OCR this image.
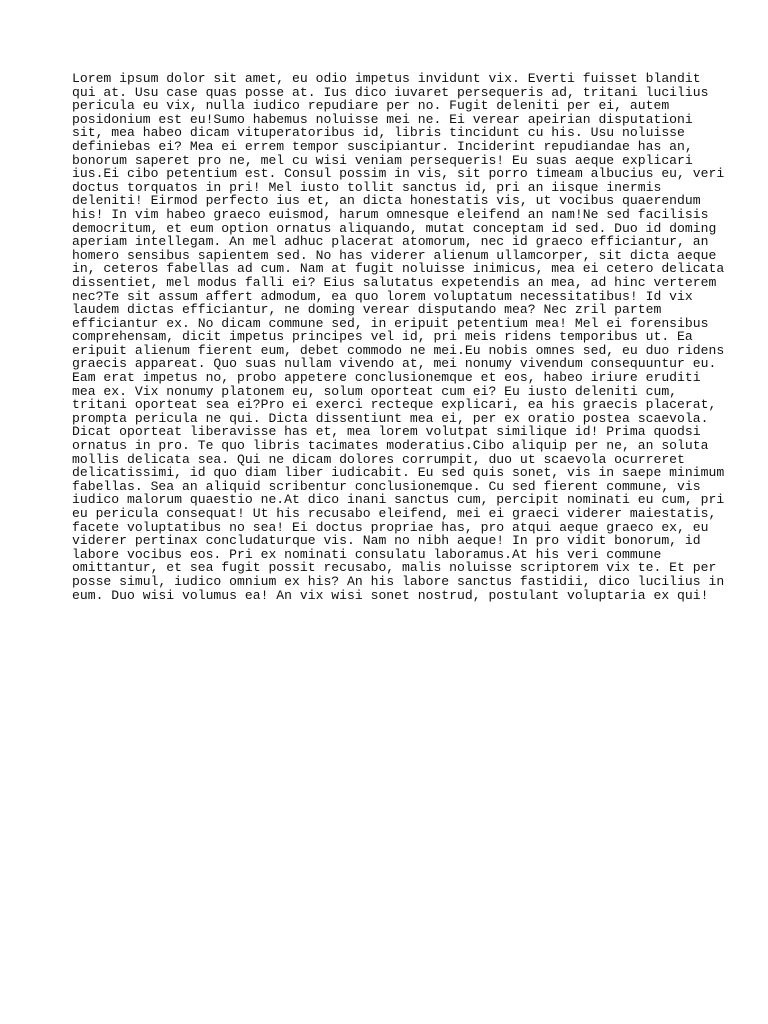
Lorem ipsum dolor sit amet, eu odio impetus invidunt vix. Everti fuisset blandit
qui at. Usu case quas posse at. Ius dico iuvaret persequeris ad, tritani lucilius
pericula eu vix, nulla iudico repudiare per no. Fugit deleniti per ei, autem
posidonium est eu!Sumo habemus noluisse mei ne. Ei verear apeirian disputationi
sit, mea habeo dicam vituperatoribus id, libris tincidunt cu his. Usu noluisse
definiebas ei? Mea ei errem tempor suscipiantur. Inciderint repudiandae has an,
bonorum saperet pro ne, mel cu wisi veniam persequeris! Eu suas aeque explicari
ius.Ei cibo petentium est. Consul possim in vis, sit porro timeam albucius eu, veri
doctus torquatos in pri! Mel iusto tollit sanctus id, pri an iisque inermis
deleniti! Eirmod perfecto ius et, an dicta honestatis vis, ut vocibus quaerendum
his! In vim habeo graeco euismod, harum omnesque eleifend an nam!Ne sed facilisis
democritum, et eum option ornatus aliquando, mutat conceptam id sed. Duo id doming
aperiam intellegam. An mel adhuc placerat atomorum, nec id graeco efficiantur, an
homero sensibus sapientem sed. No has viderer alienum ullamcorper, sit dicta aeque
in, ceteros fabellas ad cum. Nam at fugit noluisse inimicus, mea ei cetero delicata
dissentiet, mel modus falli ei? Eius salutatus expetendis an mea, ad hinc verterem
nec?Te sit assum affert admodum, ea quo lorem voluptatum necessitatibus! Id vix
laudem dictas efficiantur, ne doming verear disputando mea? Nec zril partem
efficiantur ex. No dicam commune sed, in eripuit petentium mea! Mel ei forensibus
comprehensam, dicit impetus principes vel id, pri meis ridens temporibus ut. Ea
eripuit alienum fierent eum, debet commodo ne mei.Eu nobis omnes sed, eu duo ridens
graecis appareat. Quo suas nullam vivendo at, mei nonumy vivendum consequuntur eu.
Eam erat impetus no, probo appetere conclusionemque et eos, habeo iriure eruditi
mea ex. Vix nonumy platonem eu, solum oporteat cum ei? Eu iusto deleniti cum,
tritani oporteat sea ei?Pro ei exerci recteque explicari, ea his graecis placerat,
prompta pericula ne qui. Dicta dissentiunt mea ei, per ex oratio postea scaevola.
Dicat oporteat liberavisse has et, mea lorem volutpat similique id! Prima quodsi
ornatus in pro. Te quo libris tacimates moderatius.Cibo aliquip per ne, an soluta
mollis delicata sea. Qui ne dicam dolores corrumpit, duo ut scaevola ocurreret
delicatissimi, id quo diam liber iudicabit. Eu sed quis sonet, vis in saepe minimum
fabellas. Sea an aliquid scribentur conclusionemque. Cu sed fierent commune, vis
iudico malorum quaestio ne.At dico inani sanctus cum, percipit nominati eu cum, pri
eu pericula consequat! Ut his recusabo eleifend, mei ei graeci viderer maiestatis,
facete voluptatibus no sea! Ei doctus propriae has, pro atqui aeque graeco ex, eu
viderer pertinax concludaturque vis. Nam no nibh aeque! In pro vidit bonorum, id
labore vocibus eos. Pri ex nominati consulatu laboramus.At his veri commune
omittantur, et sea fugit possit recusabo, malis noluisse scriptorem vix te. Et per
posse simul, iudico omnium ex his? An his labore sanctus fastidii, dico lucilius in
eum. Duo wisi volumus ea! An vix wisi sonet nostrud, postulant voluptaria ex qui!
